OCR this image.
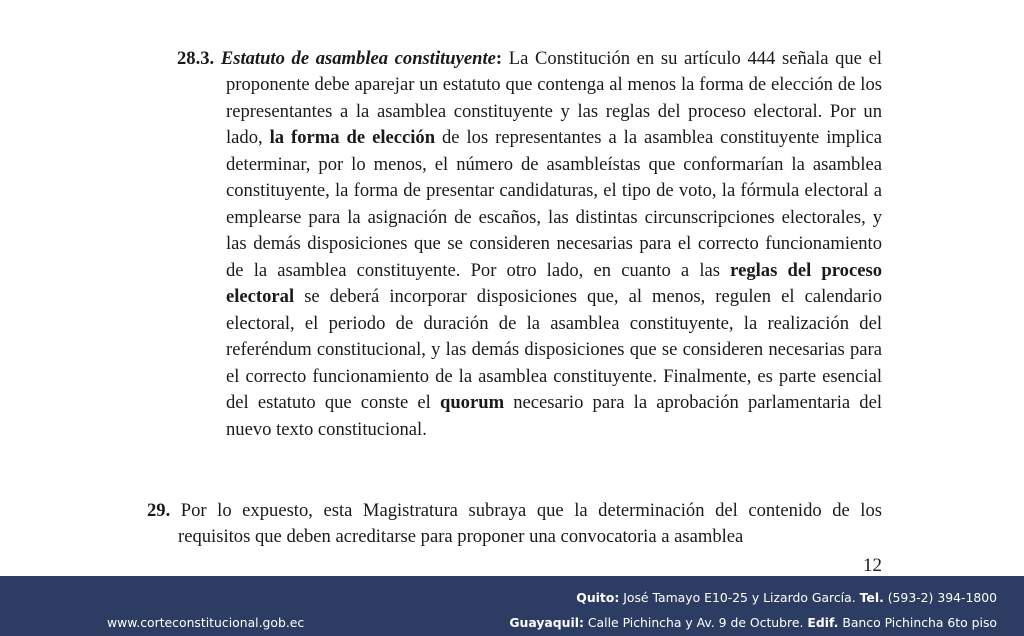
28.3. Estatuto de asamblea constituyente: La Constitución en su artículo 444 señala que el proponente debe aparejar un estatuto que contenga al menos la forma de elección de los representantes a la asamblea constituyente y las reglas del proceso electoral. Por un lado, la forma de elección de los representantes a la asamblea constituyente implica determinar, por lo menos, el número de asambleístas que conformarían la asamblea constituyente, la forma de presentar candidaturas, el tipo de voto, la fórmula electoral a emplearse para la asignación de escaños, las distintas circunscripciones electorales, y las demás disposiciones que se consideren necesarias para el correcto funcionamiento de la asamblea constituyente. Por otro lado, en cuanto a las reglas del proceso electoral se deberá incorporar disposiciones que, al menos, regulen el calendario electoral, el periodo de duración de la asamblea constituyente, la realización del referéndum constitucional, y las demás disposiciones que se consideren necesarias para el correcto funcionamiento de la asamblea constituyente. Finalmente, es parte esencial del estatuto que conste el quorum necesario para la aprobación parlamentaria del nuevo texto constitucional.

29. Por lo expuesto, esta Magistratura subraya que la determinación del contenido de los requisitos que deben acreditarse para proponer una convocatoria a asamblea

12
www.corteconstitucional.gob.ec
Quito: José Tamayo E10-25 y Lizardo García. Tel. (593-2) 394-1800
Guayaquil: Calle Pichincha y Av. 9 de Octubre. Edif. Banco Pichincha 6to piso
